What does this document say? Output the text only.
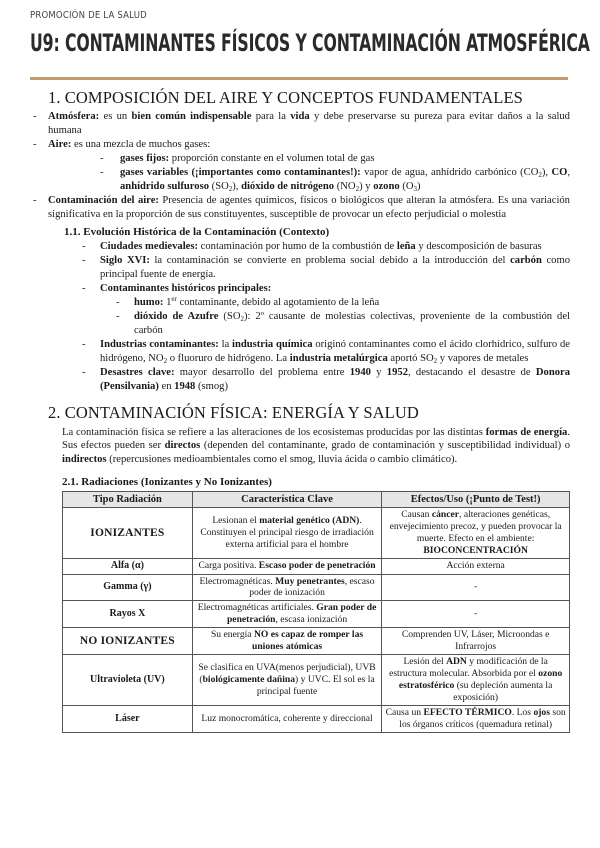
PROMOCIÓN DE LA SALUD
U9: CONTAMINANTES FÍSICOS Y CONTAMINACIÓN ATMOSFÉRICA
1. COMPOSICIÓN DEL AIRE Y CONCEPTOS FUNDAMENTALES
- Atmósfera: es un bien común indispensable para la vida y debe preservarse su pureza para evitar daños a la salud humana
- Aire: es una mezcla de muchos gases:
- gases fijos: proporción constante en el volumen total de gas
- gases variables (¡importantes como contaminantes!): vapor de agua, anhídrido carbónico $(CO_2)$, CO, anhídrido sulfuroso $(SO_2)$, dióxido de nitrógeno $(NO_2)$ y ozono $(O_3)$
- Contaminación del aire: Presencia de agentes químicos, físicos o biológicos que alteran la atmósfera. Es una variación significativa en la proporción de sus constituyentes, susceptible de provocar un efecto perjudicial o molestia
1.1. Evolución Histórica de la Contaminación (Contexto)
- Ciudades medievales: contaminación por humo de la combustión de leña y descomposición de basuras
- Siglo XVI: la contaminación se convierte en problema social debido a la introducción del carbón como principal fuente de energía.
- Contaminantes históricos principales:
- humo: 1er contaminante, debido al agotamiento de la leña
- dióxido de Azufre $(SO_2)$: 2º causante de molestias colectivas, proveniente de la combustión del carbón
- Industrias contaminantes: la industria química originó contaminantes como el ácido clorhídrico, sulfuro de hidrógeno, $NO_2$ o fluoruro de hidrógeno. La industria metalúrgica aportó $SO_2$ y vapores de metales
- Desastres clave: mayor desarrollo del problema entre 1940 y 1952, destacando el desastre de Donora (Pensilvania) en 1948 (smog)
2. CONTAMINACIÓN FÍSICA: ENERGÍA Y SALUD

La contaminación física se refiere a las alteraciones de los ecosistemas producidas por las distintas formas de energía. Sus efectos pueden ser directos (dependen del contaminante, grado de contaminación y susceptibilidad individual) o indirectos (repercusiones medioambientales como el smog, lluvia ácida o cambio climático).

2.1. Radiaciones (Ionizantes y No Ionizantes)
Tipo Radiación	Característica Clave	Efectos/Uso (¡Punto de Test!)
IONIZANTES	Lesionan el material genético (ADN). Constituyen el principal riesgo de irradiación externa artificial para el hombre	Causan cáncer, alteraciones genéticas, envejecimiento precoz, y pueden provocar la muerte. Efecto en el ambiente: BIOCONCENTRACIÓN
Alfa (α)	Carga positiva. Escaso poder de penetración	Acción externa
Gamma (γ)	Electromagnéticas. Muy penetrantes, escaso poder de ionización	-
Rayos X	Electromagnéticas artificiales. Gran poder de penetración, escasa ionización	-
NO IONIZANTES	Su energía NO es capaz de romper las uniones atómicas	Comprenden UV, Láser, Microondas e Infrarrojos
Ultravioleta (UV)	Se clasifica en UVA(menos perjudicial), UVB (biológicamente dañina) y UVC. El sol es la principal fuente	Lesión del ADN y modificación de la estructura molecular. Absorbida por el ozono estratosférico (su depleción aumenta la exposición)
Láser	Luz monocromática, coherente y direccional	Causa un EFECTO TÉRMICO. Los ojos son los órganos críticos (quemadura retinal)
